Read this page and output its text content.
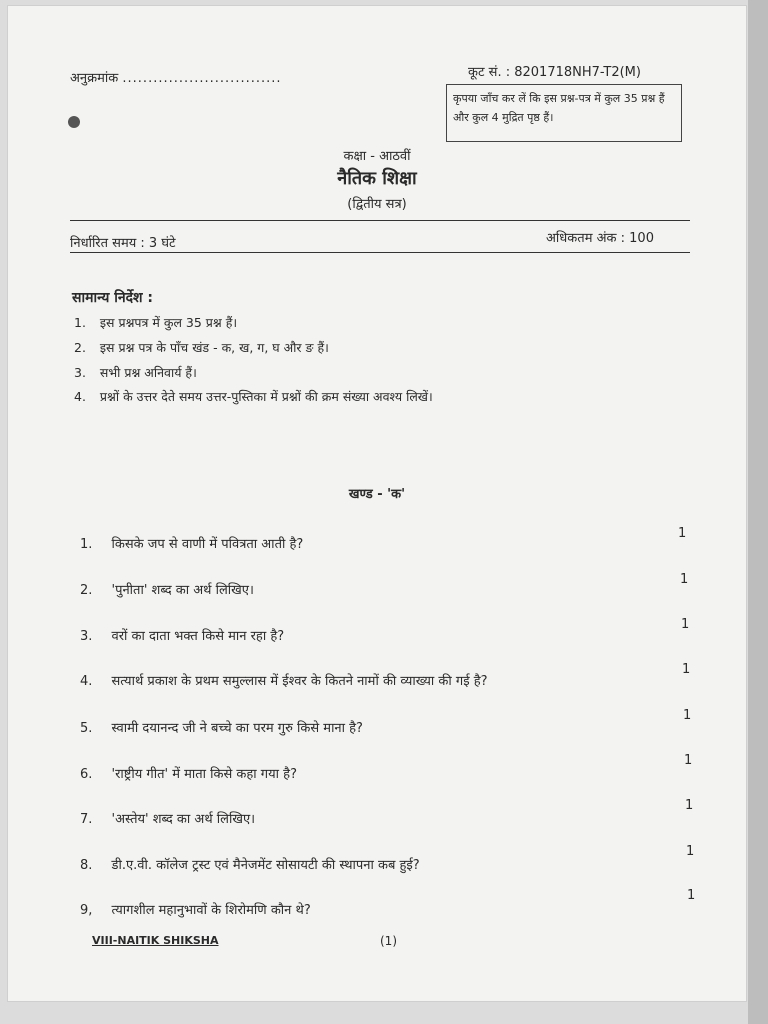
अनुक्रमांक ...............................	कूट सं. : 8201718NH7-T2(M)
कृपया जाँच कर लें कि इस प्रश्न-पत्र में कुल 35 प्रश्न हैं और कुल 4 मुद्रित पृष्ठ हैं।
कक्षा - आठवीं
नैतिक शिक्षा
(द्वितीय सत्र)
निर्धारित समय : 3 घंटे	अधिकतम अंक : 100
सामान्य निर्देश :
1. इस प्रश्नपत्र में कुल 35 प्रश्न हैं।
2. इस प्रश्न पत्र के पाँच खंड - क, ख, ग, घ और ङ हैं।
3. सभी प्रश्न अनिवार्य हैं।
4. प्रश्नों के उत्तर देते समय उत्तर-पुस्तिका में प्रश्नों की क्रम संख्या अवश्य लिखें।
खण्ड - 'क'
1. किसके जप से वाणी में पवित्रता आती है?
1
2. 'पुनीता' शब्द का अर्थ लिखिए।
1
3. वरों का दाता भक्त किसे मान रहा है?
1
4. सत्यार्थ प्रकाश के प्रथम समुल्लास में ईश्वर के कितने नामों की व्याख्या की गई है?
1
5. स्वामी दयानन्द जी ने बच्चे का परम गुरु किसे माना है?
1
6. 'राष्ट्रीय गीत' में माता किसे कहा गया है?
1
7. 'अस्तेय' शब्द का अर्थ लिखिए।
1
8. डी.ए.वी. कॉलेज ट्रस्ट एवं मैनेजमेंट सोसायटी की स्थापना कब हुई?
1
9, त्यागशील महानुभावों के शिरोमणि कौन थे?
1
VIII-NAITIK SHIKSHA	(1)
